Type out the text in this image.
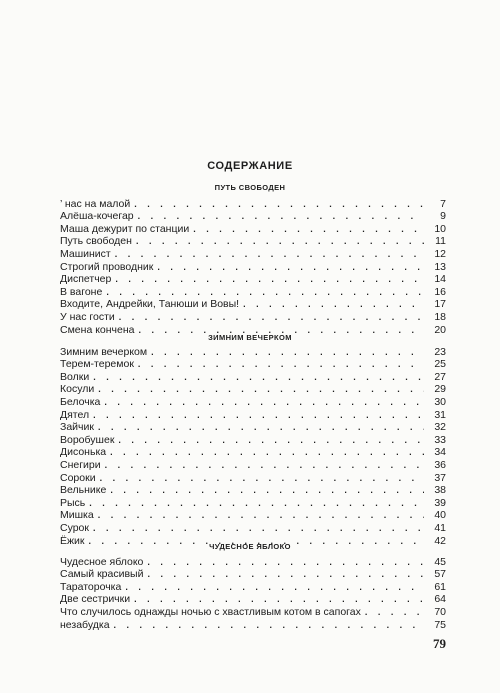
СОДЕРЖАНИЕ
ПУТЬ СВОБОДЕН
’ нас на малой . . .	7
Алёша-кочегар . . .	9
Маша дежурит по станции . . .	10
Путь свободен . . .	11
Машинист . . .	12
Строгий проводник . . .	13
Диспетчер . . .	14
В вагоне . . .	16
Входите, Андрейки, Танюши и Вовы! . . .	17
У нас гости . . .	18
Смена кончена . . .	20
ЗИМНИМ ВЕЧЕРКОМ
Зимним вечерком . . .	23
Терем-теремок . . .	25
Волки . . .	27
Косули . . .	29
Белочка . . .	30
Дятел . . .	31
Зайчик . . .	32
Воробушек . . .	33
Дисонька . . .	34
Снегири . . .	36
Сороки . . .	37
Вельнике . . .	38
Рысь . . .	39
Мишка . . .	40
Сурок . . .	41
Ёжик . . .	42
ЧУДЕСНОЕ ЯБЛОКО
Чудесное яблоко . . .	45
Самый красивый . . .	57
Тараторочка . . .	61
Две сестрички . . .	64
Что случилось однажды ночью с хвастливым котом в сапогах . . .	70
незабудка . . .	75
79
